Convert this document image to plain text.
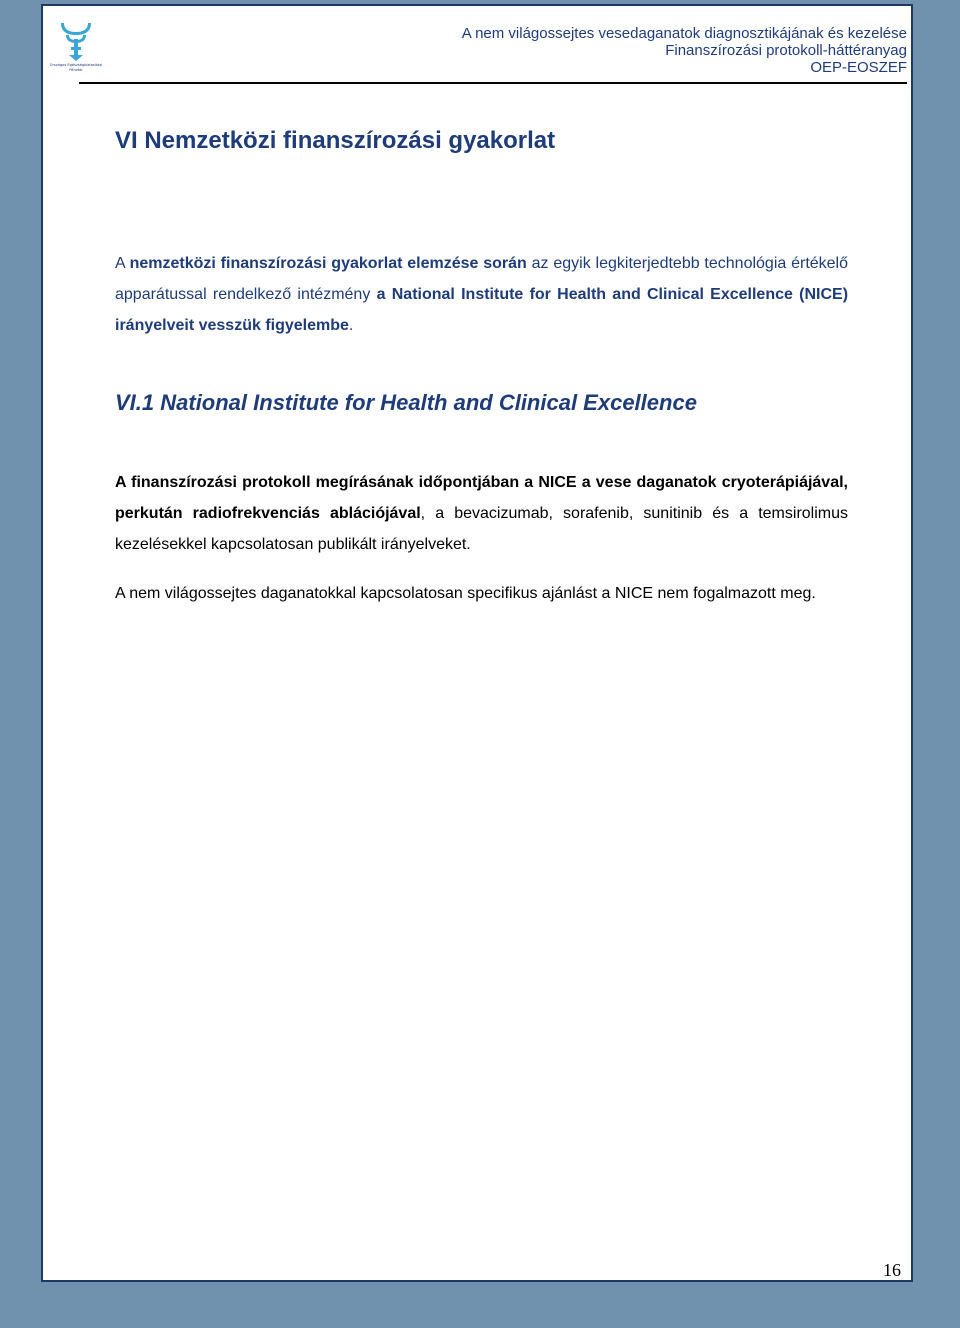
Országos Egészségbiztosítási
Pénztár
A nem világossejtes vesedaganatok diagnosztikájának és kezelése
Finanszírozási protokoll-háttéranyag
OEP-EOSZEF
VI Nemzetközi finanszírozási gyakorlat

A nemzetközi finanszírozási gyakorlat elemzése során az egyik legkiterjedtebb technológia értékelő apparátussal rendelkező intézmény a National Institute for Health and Clinical Excellence (NICE) irányelveit vesszük figyelembe.

VI.1 National Institute for Health and Clinical Excellence

A finanszírozási protokoll megírásának időpontjában a NICE a vese daganatok cryoterápiájával, perkután radiofrekvenciás ablációjával, a bevacizumab, sorafenib, sunitinib és a temsirolimus kezelésekkel kapcsolatosan publikált irányelveket.

A nem világossejtes daganatokkal kapcsolatosan specifikus ajánlást a NICE nem fogalmazott meg.

16
